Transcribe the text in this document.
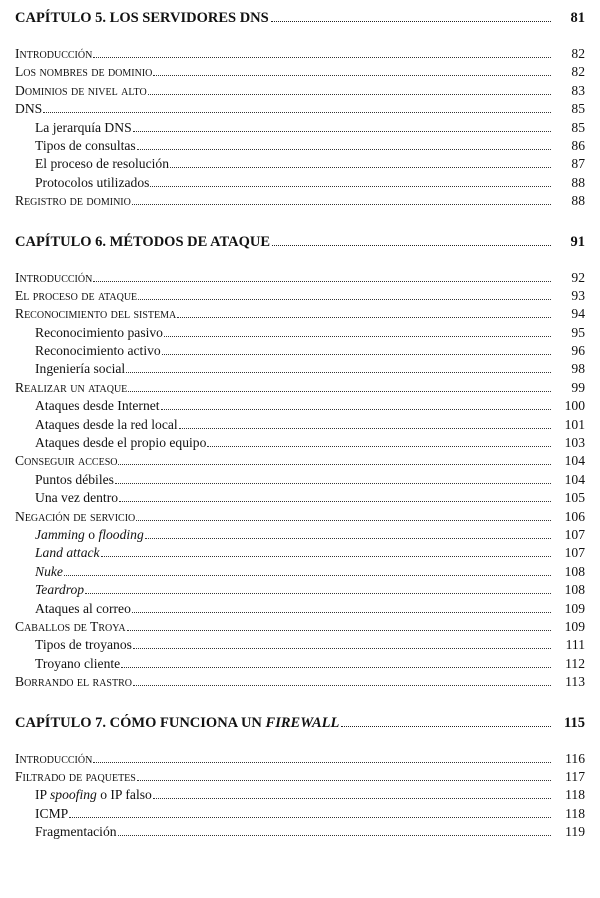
CAPÍTULO 5. LOS SERVIDORES DNS	81
Introducción	82
Los nombres de dominio	82
Dominios de nivel alto	83
DNS	85
La jerarquía DNS	85
Tipos de consultas	86
El proceso de resolución	87
Protocolos utilizados	88
Registro de dominio	88
CAPÍTULO 6. MÉTODOS DE ATAQUE	91
Introducción	92
El proceso de ataque	93
Reconocimiento del sistema	94
Reconocimiento pasivo	95
Reconocimiento activo	96
Ingeniería social	98
Realizar un ataque	99
Ataques desde Internet	100
Ataques desde la red local	101
Ataques desde el propio equipo	103
Conseguir acceso	104
Puntos débiles	104
Una vez dentro	105
Negación de servicio	106
Jamming o flooding	107
Land attack	107
Nuke	108
Teardrop	108
Ataques al correo	109
Caballos de Troya	109
Tipos de troyanos	111
Troyano cliente	112
Borrando el rastro	113
CAPÍTULO 7. CÓMO FUNCIONA UN FIREWALL	115
Introducción	116
Filtrado de paquetes	117
IP spoofing o IP falso	118
ICMP	118
Fragmentación	119
